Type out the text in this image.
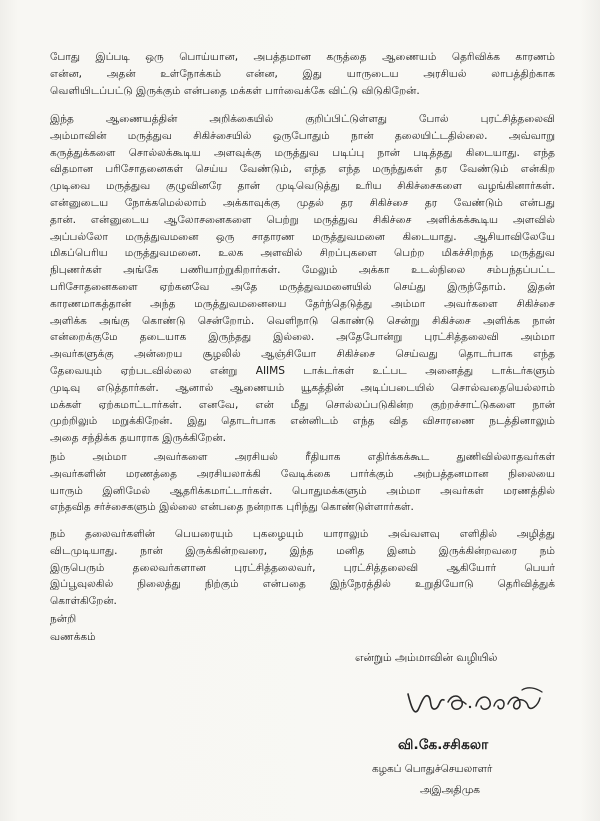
போது இப்படி ஒரு பொய்யான, அபத்தமான கருத்தை ஆணையம் தெரிவிக்க காரணம்
என்ன, அதன் உள்நோக்கம் என்ன, இது யாருடைய அரசியல் லாபத்திற்காக
வெளியிடப்பட்டு இருக்கும் என்பதை மக்கள் பார்வைக்கே விட்டு விடுகிறேன்.
இந்த ஆணையத்தின் அறிக்கையில் குறிப்பிட்டுள்ளது போல் புரட்சித்தலைவி
அம்மாவின் மருத்துவ சிகிச்சையில் ஒருபோதும் நான் தலையிட்டதில்லை. அவ்வாறு
கருத்துக்களை சொல்லக்கூடிய அளவுக்கு மருத்துவ படிப்பு நான் படித்தது கிடையாது. எந்த
விதமான பரிசோதனைகள் செய்ய வேண்டும், எந்த எந்த மருந்துகள் தர வேண்டும் என்கிற
முடிவை மருத்துவ குழுவினரே தான் முடிவெடுத்து உரிய சிகிச்சைகளை வழங்கினார்கள்.
என்னுடைய நோக்கமெல்லாம் அக்காவுக்கு முதல் தர சிகிச்சை தர வேண்டும் என்பது
தான். என்னுடைய ஆலோசனைகளை பெற்று மருத்துவ சிகிச்சை அளிக்கக்கூடிய அளவில்
அப்பல்லோ மருத்துவமனை ஒரு சாதாரண மருத்துவமனை கிடையாது. ஆசியாவிலேயே
மிகப்பெரிய மருத்துவமனை. உலக அளவில் சிறப்புகளை பெற்ற மிகச்சிறந்த மருத்துவ
நிபுணர்கள் அங்கே பணியாற்றுகிறார்கள். மேலும் அக்கா உடல்நிலை சம்பந்தப்பட்ட
பரிசோதனைகளை ஏற்கனவே அதே மருத்துவமனையில் செய்து இருந்தோம். இதன்
காரணமாகத்தான் அந்த மருத்துவமனையை தேர்ந்தெடுத்து அம்மா அவர்களை சிகிச்சை
அளிக்க அங்கு கொண்டு சென்றோம். வெளிநாடு கொண்டு சென்று சிகிச்சை அளிக்க நான்
என்றைக்குமே தடையாக இருந்தது இல்லை. அதேபோன்று புரட்சித்தலைவி அம்மா
அவர்களுக்கு அன்றைய சூழலில் ஆஞ்சியோ சிகிச்சை செய்வது தொடர்பாக எந்த
தேவையும் ஏற்படவில்லை என்று AIIMS டாக்டர்கள் உட்பட அனைத்து டாக்டர்களும்
முடிவு எடுத்தார்கள். ஆனால் ஆணையம் யூகத்தின் அடிப்படையில் சொல்வதையெல்லாம்
மக்கள் ஏற்கமாட்டார்கள். எனவே, என் மீது சொல்லப்படுகின்ற குற்றச்சாட்டுகளை நான்
முற்றிலும் மறுக்கிறேன். இது தொடர்பாக என்னிடம் எந்த வித விசாரணை நடத்தினாலும்
அதை சந்திக்க தயாராக இருக்கிறேன்.
நம் அம்மா அவர்களை அரசியல் ரீதியாக எதிர்க்கக்கூட துணிவில்லாதவர்கள்
அவர்களின் மரணத்தை அரசியலாக்கி வேடிக்கை பார்க்கும் அற்பத்தனமான நிலையை
யாரும் இனிமேல் ஆதரிக்கமாட்டார்கள். பொதுமக்களும் அம்மா அவர்கள் மரணத்தில்
எந்தவித சர்ச்சைகளும் இல்லை என்பதை நன்றாக புரிந்து கொண்டுள்ளார்கள்.
நம் தலைவர்களின் பெயரையும் புகழையும் யாராலும் அவ்வளவு எளிதில் அழித்து
விடமுடியாது. நான் இருக்கின்றவரை, இந்த மனித இனம் இருக்கின்றவரை நம்
இருபெரும் தலைவர்களான புரட்சித்தலைவர், புரட்சித்தலைவி ஆகியோர் பெயர்
இப்பூவுலகில் நிலைத்து நிற்கும் என்பதை இந்நேரத்தில் உறுதியோடு தெரிவித்துக்
கொள்கிறேன்.
நன்றி
வணக்கம்
என்றும் அம்மாவின் வழியில்
வி.கே.சசிகலா
கழகப் பொதுச்செயலாளர்
அஇஅதிமுக
